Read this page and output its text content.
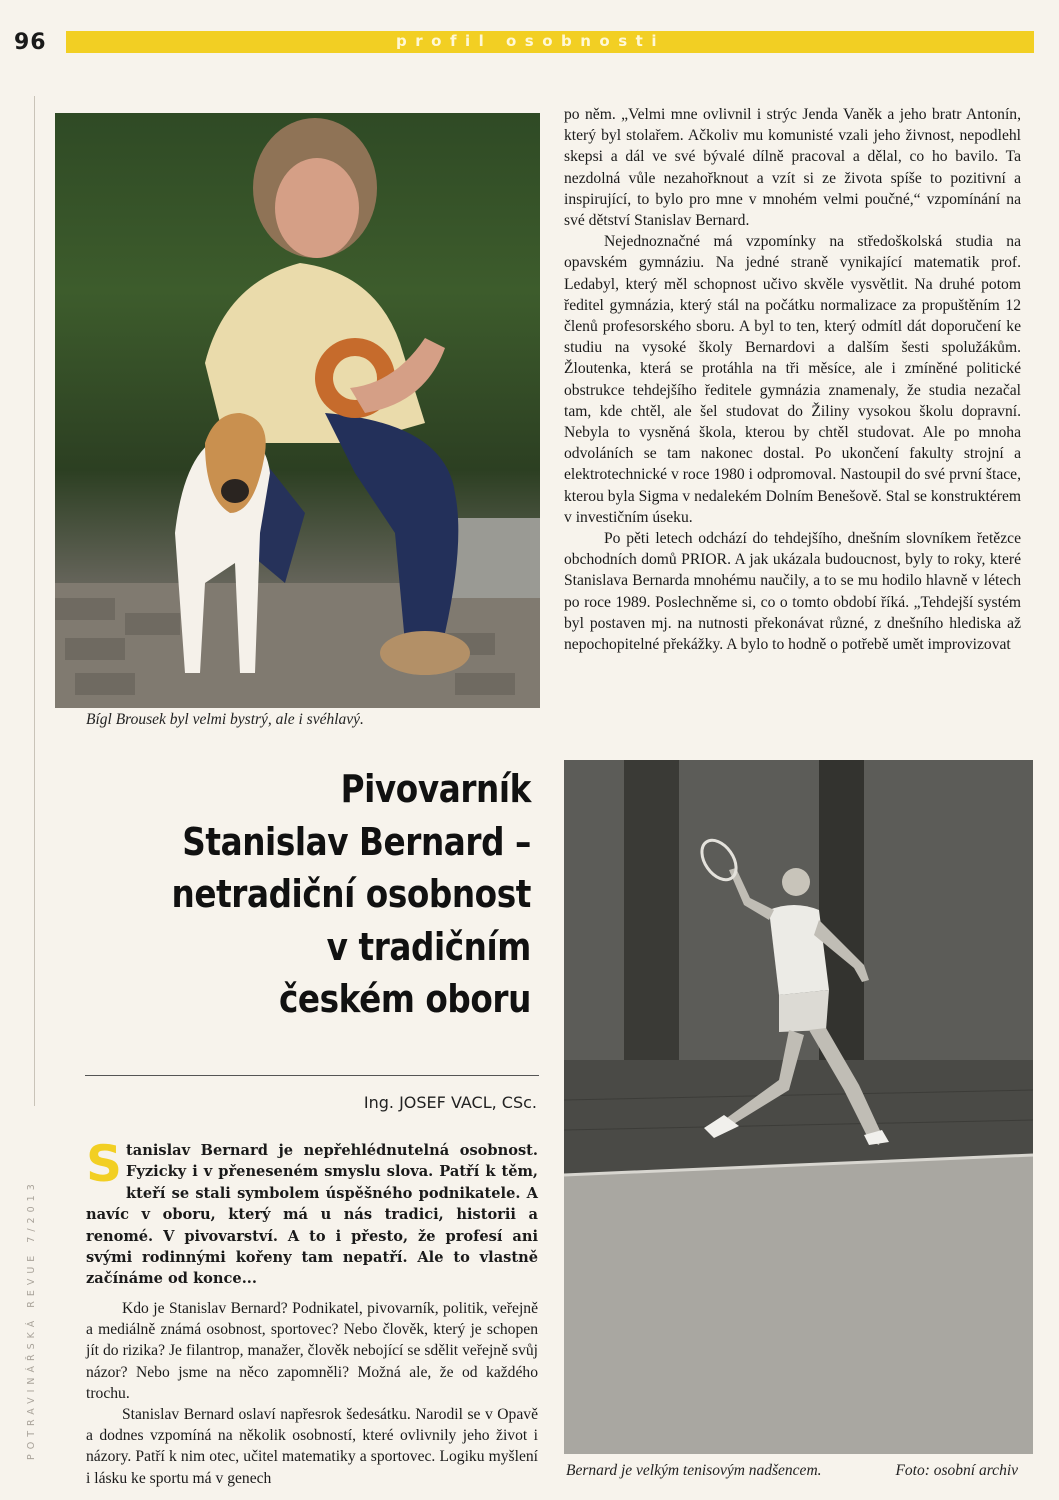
96	profil osobnosti
POTRAVINÁŘSKÁ REVUE 7/2013
Bígl Brousek byl velmi bystrý, ale i svéhlavý.

po něm. „Velmi mne ovlivnil i strýc Jenda Vaněk a jeho bratr Antonín, který byl stolařem. Ačkoliv mu komunisté vzali jeho živnost, nepodlehl skepsi a dál ve své bývalé dílně pracoval a dělal, co ho bavilo. Ta nezdolná vůle nezahořknout a vzít si ze života spíše to pozitivní a inspirující, to bylo pro mne v mnohém velmi poučné,“ vzpomínání na své dětství Stanislav Bernard.

Nejednoznačné má vzpomínky na středoškolská studia na opavském gymnáziu. Na jedné straně vynikající matematik prof. Ledabyl, který měl schopnost učivo skvěle vysvětlit. Na druhé potom ředitel gymnázia, který stál na počátku normalizace za propuštěním 12 členů profesorského sboru. A byl to ten, který odmítl dát doporučení ke studiu na vysoké školy Bernardovi a dalším šesti spolužákům. Žloutenka, která se protáhla na tři měsíce, ale i zmíněné politické obstrukce tehdejšího ředitele gymnázia znamenaly, že studia nezačal tam, kde chtěl, ale šel studovat do Žiliny vysokou školu dopravní. Nebyla to vysněná škola, kterou by chtěl studovat. Ale po mnoha odvoláních se tam nakonec dostal. Po ukončení fakulty strojní a elektrotechnické v roce 1980 i odpromoval. Nastoupil do své první štace, kterou byla Sigma v nedalekém Dolním Benešově. Stal se konstruktérem v investičním úseku.

Po pěti letech odchází do tehdejšího, dnešním slovníkem řetězce obchodních domů PRIOR. A jak ukázala budoucnost, byly to roky, které Stanislava Bernarda mnohému naučily, a to se mu hodilo hlavně v létech po roce 1989. Poslechněme si, co o tomto období říká. „Tehdejší systém byl postaven mj. na nutnosti překonávat různé, z dnešního hlediska až nepochopitelné překážky. A bylo to hodně o potřebě umět improvizovat

Pivovarník
Stanislav Bernard –
netradiční osobnost
v tradičním
českém oboru
Ing. JOSEF VACL, CSc.
Stanislav Bernard je nepřehlédnutelná osobnost. Fyzicky i v přeneseném smyslu slova. Patří k těm, kteří se stali symbolem úspěšného podnikatele. A navíc v oboru, který má u nás tradici, historii a renomé. V pivovarství. A to i přesto, že profesí ani svými rodinnými kořeny tam nepatří. Ale to vlastně začínáme od konce...

Kdo je Stanislav Bernard? Podnikatel, pivovarník, politik, veřejně a mediálně známá osobnost, sportovec? Nebo člověk, který je schopen jít do rizika? Je filantrop, manažer, člověk nebojící se sdělit veřejně svůj názor? Nebo jsme na něco zapomněli? Možná ale, že od každého trochu.

Stanislav Bernard oslaví napřesrok šedesátku. Narodil se v Opavě a dodnes vzpomíná na několik osobností, které ovlivnily jeho život i názory. Patří k nim otec, učitel matematiky a sportovec. Logiku myšlení i lásku ke sportu má v genech	Bernard je velkým tenisovým nadšencem.	Foto: osobní archiv
